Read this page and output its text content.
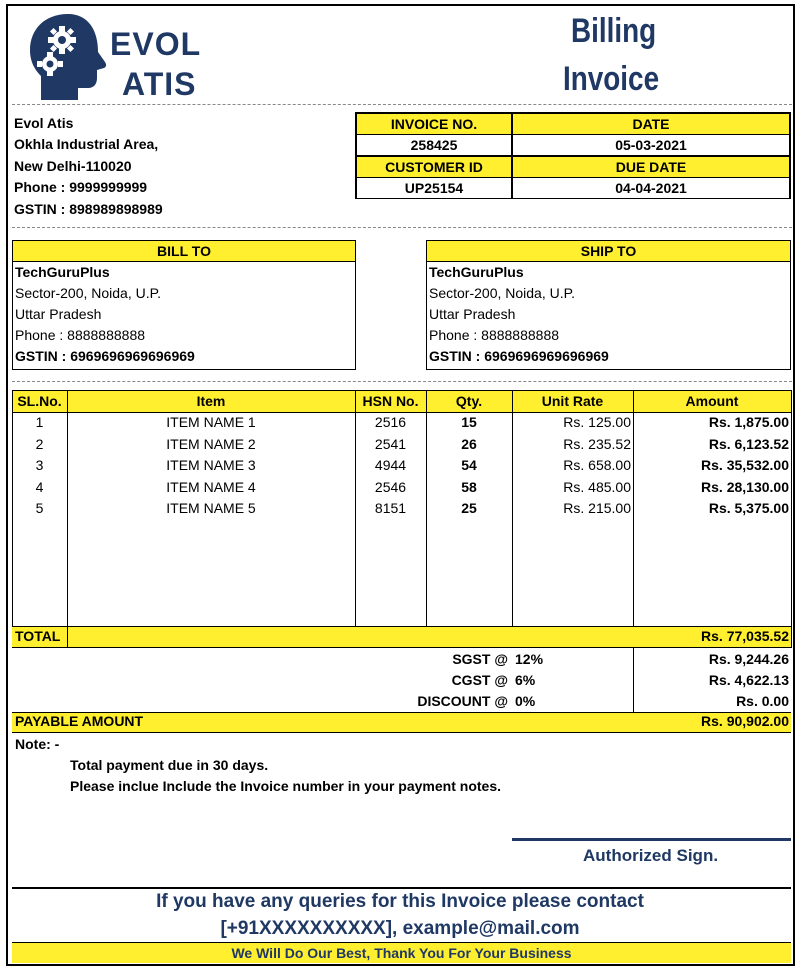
EVOL
ATIS
Billing
Invoice
Evol Atis
Okhla Industrial Area,
New Delhi-110020
Phone : 9999999999
GSTIN : 898989898989
INVOICE NO.	DATE
258425	05-03-2021
CUSTOMER ID	DUE DATE
UP25154	04-04-2021
BILL TO
TechGuruPlus
Sector-200, Noida, U.P.
Uttar Pradesh
Phone : 8888888888
GSTIN : 6969696969696969
SHIP TO
TechGuruPlus
Sector-200, Noida, U.P.
Uttar Pradesh
Phone : 8888888888
GSTIN : 6969696969696969
SL.No.	Item	HSN No.	Qty.	Unit Rate	Amount
1	ITEM NAME 1	2516	15	Rs. 125.00	Rs. 1,875.00
2	ITEM NAME 2	2541	26	Rs. 235.52	Rs. 6,123.52
3	ITEM NAME 3	4944	54	Rs. 658.00	Rs. 35,532.00
4	ITEM NAME 4	2546	58	Rs. 485.00	Rs. 28,130.00
5	ITEM NAME 5	8151	25	Rs. 215.00	Rs. 5,375.00
TOTAL	Rs. 77,035.52
SGST @ 12%	Rs. 9,244.26
CGST @ 6%	Rs. 4,622.13
DISCOUNT @ 0%	Rs. 0.00
PAYABLE AMOUNT	Rs. 90,902.00
Note: -
Total payment due in 30 days.
Please inclue Include the Invoice number in your payment notes.
Authorized Sign.
If you have any queries for this Invoice please contact
[+91XXXXXXXXXX], example@mail.com
We Will Do Our Best, Thank You For Your Business
